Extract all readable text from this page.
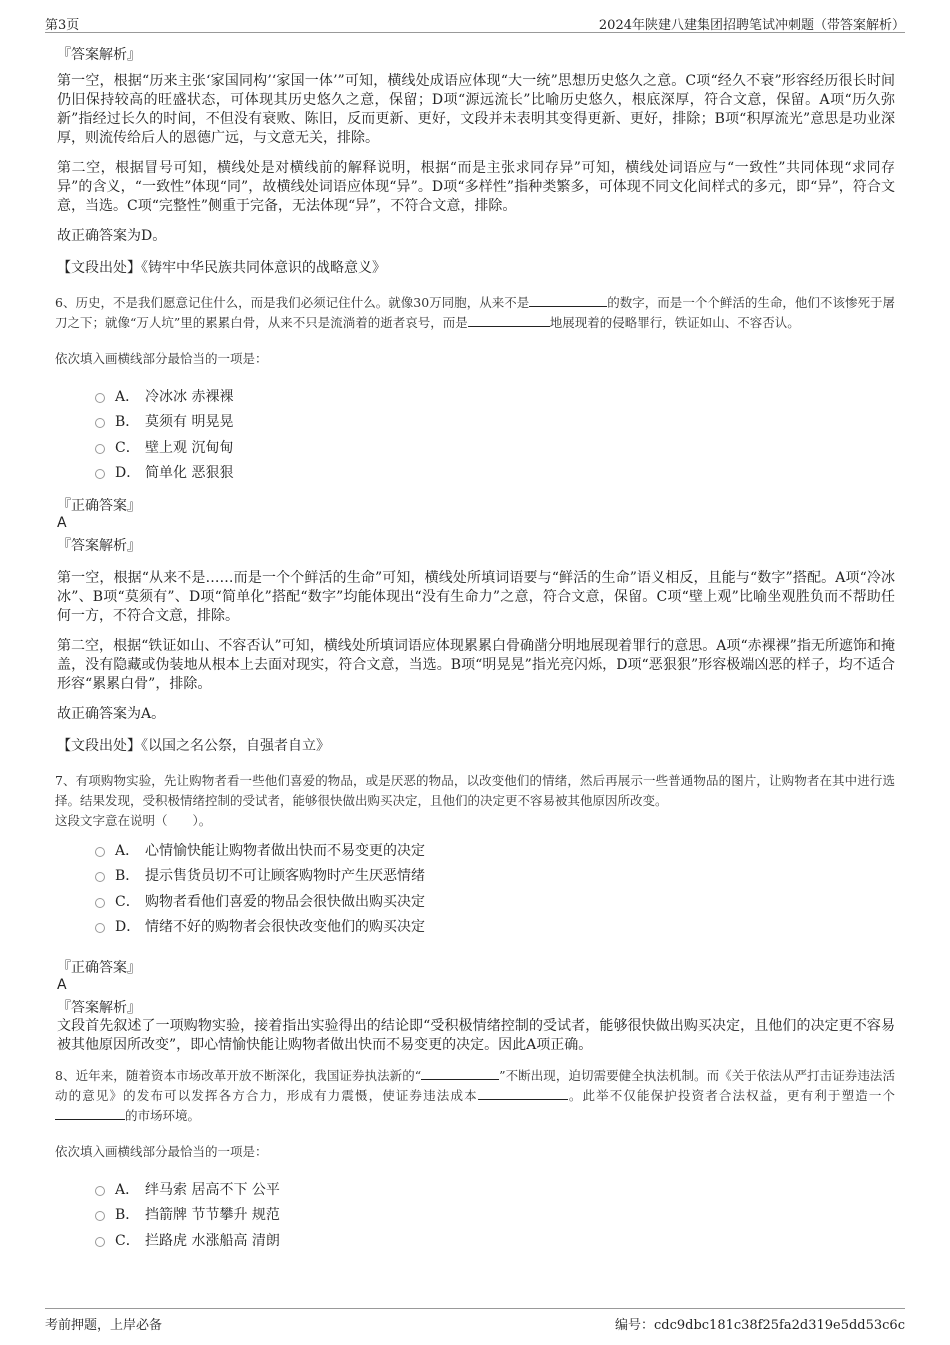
第3页	2024年陕建八建集团招聘笔试冲刺题（带答案解析）
『答案解析』

第一空，根据“历来主张‘家国同构’‘家国一体’”可知，横线处成语应体现“大一统”思想历史悠久之意。C项“经久不衰”形容经历很长时间仍旧保持较高的旺盛状态，可体现其历史悠久之意，保留；D项“源远流长”比喻历史悠久，根底深厚，符合文意，保留。A项“历久弥新”指经过长久的时间，不但没有衰败、陈旧，反而更新、更好，文段并未表明其变得更新、更好，排除；B项“积厚流光”意思是功业深厚，则流传给后人的恩德广远，与文意无关，排除。

第二空，根据冒号可知，横线处是对横线前的解释说明，根据“而是主张求同存异”可知，横线处词语应与“一致性”共同体现“求同存异”的含义，“一致性”体现“同”，故横线处词语应体现“异”。D项“多样性”指种类繁多，可体现不同文化间样式的多元，即“异”，符合文意，当选。C项“完整性”侧重于完备，无法体现“异”，不符合文意，排除。

故正确答案为D。

【文段出处】《铸牢中华民族共同体意识的战略意义》
6、历史，不是我们愿意记住什么，而是我们必须记住什么。就像30万同胞，从来不是	的数字，而是一个个鲜活的生命，他们不该惨死于屠刀之下；就像“万人坑”里的累累白骨，从来不只是流淌着的逝者哀号，而是	地展现着的侵略罪行，铁证如山、不容否认。
依次填入画横线部分最恰当的一项是：
A． 冷冰冰 赤裸裸
B． 莫须有 明晃晃
C． 壁上观 沉甸甸
D． 简单化 恶狠狠
『正确答案』
A
『答案解析』

第一空，根据“从来不是……而是一个个鲜活的生命”可知，横线处所填词语要与“鲜活的生命”语义相反，且能与“数字”搭配。A项“冷冰冰”、B项“莫须有”、D项“简单化”搭配“数字”均能体现出“没有生命力”之意，符合文意，保留。C项“壁上观”比喻坐观胜负而不帮助任何一方，不符合文意，排除。

第二空，根据“铁证如山、不容否认”可知，横线处所填词语应体现累累白骨确凿分明地展现着罪行的意思。A项“赤裸裸”指无所遮饰和掩盖，没有隐藏或伪装地从根本上去面对现实，符合文意，当选。B项“明晃晃”指光亮闪烁，D项“恶狠狠”形容极端凶恶的样子，均不适合形容“累累白骨”，排除。

故正确答案为A。

【文段出处】《以国之名公祭，自强者自立》
7、有项购物实验，先让购物者看一些他们喜爱的物品，或是厌恶的物品，以改变他们的情绪，然后再展示一些普通物品的图片，让购物者在其中进行选择。结果发现，受积极情绪控制的受试者，能够很快做出购买决定，且他们的决定更不容易被其他原因所改变。
这段文字意在说明（　　）。
A． 心情愉快能让购物者做出快而不易变更的决定
B． 提示售货员切不可让顾客购物时产生厌恶情绪
C． 购物者看他们喜爱的物品会很快做出购买决定
D． 情绪不好的购物者会很快改变他们的购买决定
『正确答案』
A
『答案解析』

文段首先叙述了一项购物实验，接着指出实验得出的结论即“受积极情绪控制的受试者，能够很快做出购买决定，且他们的决定更不容易被其他原因所改变”，即心情愉快能让购物者做出快而不易变更的决定。因此A项正确。

8、近年来，随着资本市场改革开放不断深化，我国证券执法新的“	”不断出现，迫切需要健全执法机制。而《关于依法从严打击证券违法活动的意见》的发布可以发挥各方合力，形成有力震慑，使证券违法成本	。此举不仅能保护投资者合法权益，更有利于塑造一个的市场环境。
依次填入画横线部分最恰当的一项是：
A． 绊马索 居高不下 公平
B． 挡箭牌 节节攀升 规范
C． 拦路虎 水涨船高 清朗
考前押题，上岸必备	编号：cdc9dbc181c38f25fa2d319e5dd53c6c
